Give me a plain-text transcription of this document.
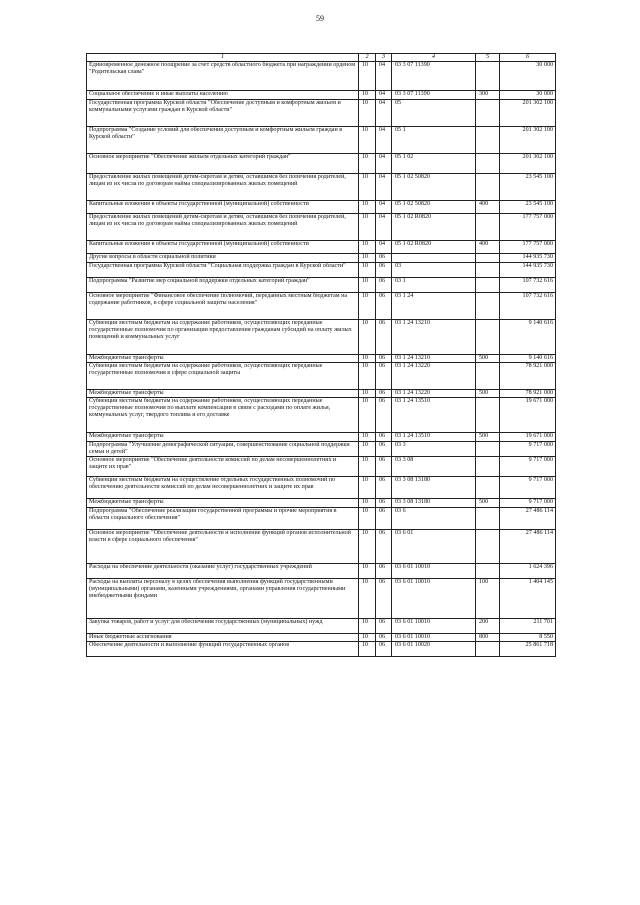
59
1	2	3	4	5	6
Единовременное денежное поощрение за счет средств областного бюджета при награждении орденом "Родительская слава"	10	04	03 3 07 11390		30 000
Социальное обеспечение и иные выплаты населению	10	04	03 3 07 11390	300	30 000
Государственная программа Курской области "Обеспечение доступным и комфортным жильем и коммунальными услугами граждан в Курской области"	10	04	05		201 302 100
Подпрограмма "Создание условий для обеспечения доступным и комфортным жильем граждан в Курской области"	10	04	05 1		201 302 100
Основное мероприятие "Обеспечение жильем отдельных категорий граждан"	10	04	05 1 02		201 302 100
Предоставление жилых помещений детям-сиротам и детям, оставшимся без попечения родителей, лицам из их числа по договорам найма специализированных жилых помещений	10	04	05 1 02 50820		23 545 100
Капитальные вложения в объекты государственной (муниципальной) собственности	10	04	05 1 02 50820	400	23 545 100
Предоставление жилых помещений детям-сиротам и детям, оставшимся без попечения родителей, лицам из их числа по договорам найма специализированных жилых помещений	10	04	05 1 02 R0820		177 757 000
Капитальные вложения в объекты государственной (муниципальной) собственности	10	04	05 1 02 R0820	400	177 757 000
Другие вопросы в области социальной политики	10	06			144 935 730
Государственная программа Курской области "Социальная поддержка граждан в Курской области"	10	06	03		144 935 730
Подпрограмма "Развитие мер социальной поддержки отдельных категорий граждан"	10	06	03 1		107 732 616
Основное мероприятие "Финансовое обеспечение полномочий, переданных местным бюджетам на содержание работников, в сфере социальной защиты населения"	10	06	03 1 24		107 732 616
Субвенции местным бюджетам на содержание работников, осуществляющих переданные государственные полномочия по организации предоставления гражданам субсидий на оплату жилых помещений и коммунальных услуг	10	06	03 1 24 13210		9 140 616
Межбюджетные трансферты	10	06	03 1 24 13210	500	9 140 616
Субвенции местным бюджетам на содержание работников, осуществляющих переданные государственные полномочия в сфере социальной защиты	10	06	03 1 24 13220		78 921 000
Межбюджетные трансферты	10	06	03 1 24 13220	500	78 921 000
Субвенции местным бюджетам на содержание работников, осуществляющих переданные государственные полномочия по выплате компенсации в связи с расходами по оплате жилья, коммунальных услуг, твердого топлива и его доставке	10	06	03 1 24 13510		19 671 000
Межбюджетные трансферты	10	06	03 1 24 13510	500	19 671 000
Подпрограмма "Улучшение демографической ситуации, совершенствование социальной поддержки семьи и детей"	10	06	03 3		9 717 000
Основное мероприятие "Обеспечение деятельности комиссий по делам несовершеннолетних и защите их прав"	10	06	03 3 08		9 717 000
Субвенции местным бюджетам на осуществление отдельных государственных полномочий по обеспечению деятельности комиссий по делам несовершеннолетних и защите их прав	10	06	03 3 08 13180		9 717 000
Межбюджетные трансферты	10	06	03 3 08 13180	500	9 717 000
Подпрограмма "Обеспечение реализации государственной программы и прочие мероприятия в области социального обеспечения"	10	06	03 6		27 486 114
Основное мероприятие "Обеспечение деятельности и исполнение функций органов исполнительной власти в сфере социального обеспечения"	10	06	03 6 01		27 486 114
Расходы на обеспечение деятельности (оказание услуг) государственных учреждений	10	06	03 6 01 10010		1 624 396
Расходы на выплаты персоналу в целях обеспечения выполнения функций государственными (муниципальными) органами, казенными учреждениями, органами управления государственными внебюджетными фондами	10	06	03 6 01 10010	100	1 404 145
Закупка товаров, работ и услуг для обеспечения государственных (муниципальных) нужд	10	06	03 6 01 10010	200	211 701
Иные бюджетные ассигнования	10	06	03 6 01 10010	800	8 550
Обеспечение деятельности и выполнение функций государственных органов	10	06	03 6 01 10020		25 861 718
